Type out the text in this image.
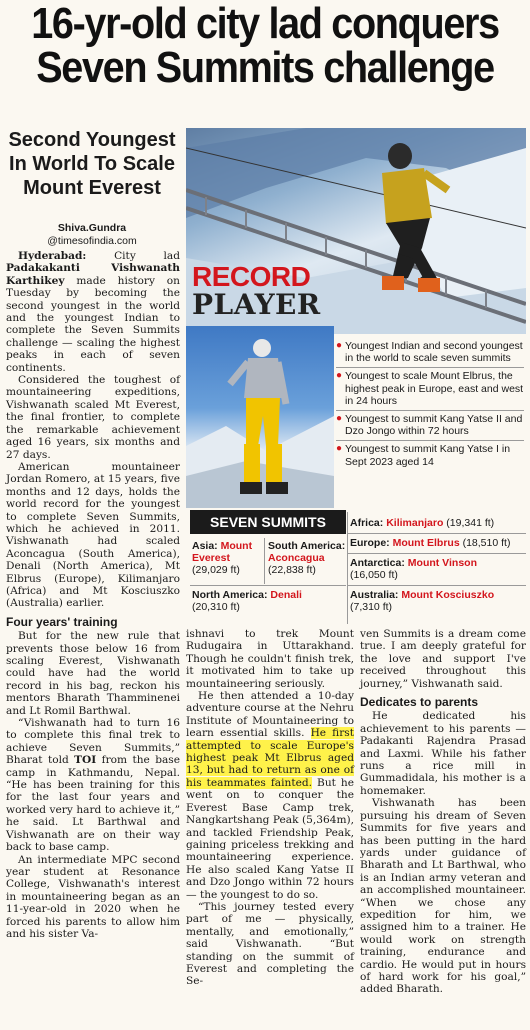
16-yr-old city lad conquers
Seven Summits challenge
Second Youngest
In World To Scale
Mount Everest
Shiva.Gundra
@timesofindia.com
RECORD
PLAYER
● Youngest Indian and second youngest in the world to scale seven summits
● Youngest to scale Mount Elbrus, the highest peak in Europe, east and west in 24 hours
● Youngest to summit Kang Yatse II and Dzo Jongo within 72 hours
● Youngest to summit Kang Yatse I in Sept 2023 aged 14
SEVEN SUMMITS
Asia: Mount Everest
(29,029 ft)
South America:
Aconcagua
(22,838 ft)
North America: Denali
(20,310 ft)
Africa: Kilimanjaro (19,341 ft)
Europe: Mount Elbrus (18,510 ft)
Antarctica: Mount Vinson
(16,050 ft)
Australia: Mount Kosciuszko
(7,310 ft)

Hyderabad: City lad Padakakanti Vishwanath Karthikey made history on Tuesday by becoming the second youngest in the world and the youngest Indian to complete the Seven Summits challenge — scaling the highest peaks in each of seven continents.

Considered the toughest of mountaineering expeditions, Vishwanath scaled Mt Everest, the final frontier, to complete the remarkable achievement aged 16 years, six months and 27 days.

American mountaineer Jordan Romero, at 15 years, five months and 12 days, holds the world record for the youngest to complete Seven Summits, which he achieved in 2011. Vishwanath had scaled Aconcagua (South America), Denali (North America), Mt Elbrus (Europe), Kilimanjaro (Africa) and Mt Kosciuszko (Australia) earlier.

Four years' training

But for the new rule that prevents those below 16 from scaling Everest, Vishwanath could have had the world record in his bag, reckon his mentors Bharath Thamminenei and Lt Romil Barthwal.

“Vishwanath had to turn 16 to complete this final trek to achieve Seven Summits,” Bharat told TOI from the base camp in Kathmandu, Nepal. “He has been training for this for the last four years and worked very hard to achieve it,” he said. Lt Barthwal and Vishwanath are on their way back to base camp.

An intermediate MPC second year student at Resonance College, Vishwanath's interest in mountaineering began as an 11-year-old in 2020 when he forced his parents to allow him and his sister Va-

ishnavi to trek Mount Rudugaira in Uttarakhand. Though he couldn't finish trek, it motivated him to take up mountaineering seriously.

He then attended a 10-day adventure course at the Nehru Institute of Mountaineering to learn essential skills. He first attempted to scale Europe's highest peak Mt Elbrus aged 13, but had to return as one of his teammates fainted. But he went on to conquer the Everest Base Camp trek, Nangkartshang Peak (5,364m), and tackled Friendship Peak, gaining priceless trekking and mountaineering experience. He also scaled Kang Yatse II and Dzo Jongo within 72 hours — the youngest to do so.

“This journey tested every part of me — physically, mentally, and emotionally,” said Vishwanath. “But standing on the summit of Everest and completing the Se-

ven Summits is a dream come true. I am deeply grateful for the love and support I've received throughout this journey,” Vishwanath said.

Dedicates to parents

He dedicated his achievement to his parents — Padakanti Rajendra Prasad and Laxmi. While his father runs a rice mill in Gummadidala, his mother is a homemaker.

Vishwanath has been pursuing his dream of Seven Summits for five years and has been putting in the hard yards under guidance of Bharath and Lt Barthwal, who is an Indian army veteran and an accomplished mountaineer. “When we chose any expedition for him, we assigned him to a trainer. He would work on strength training, endurance and cardio. He would put in hours of hard work for his goal,” added Bharath.
